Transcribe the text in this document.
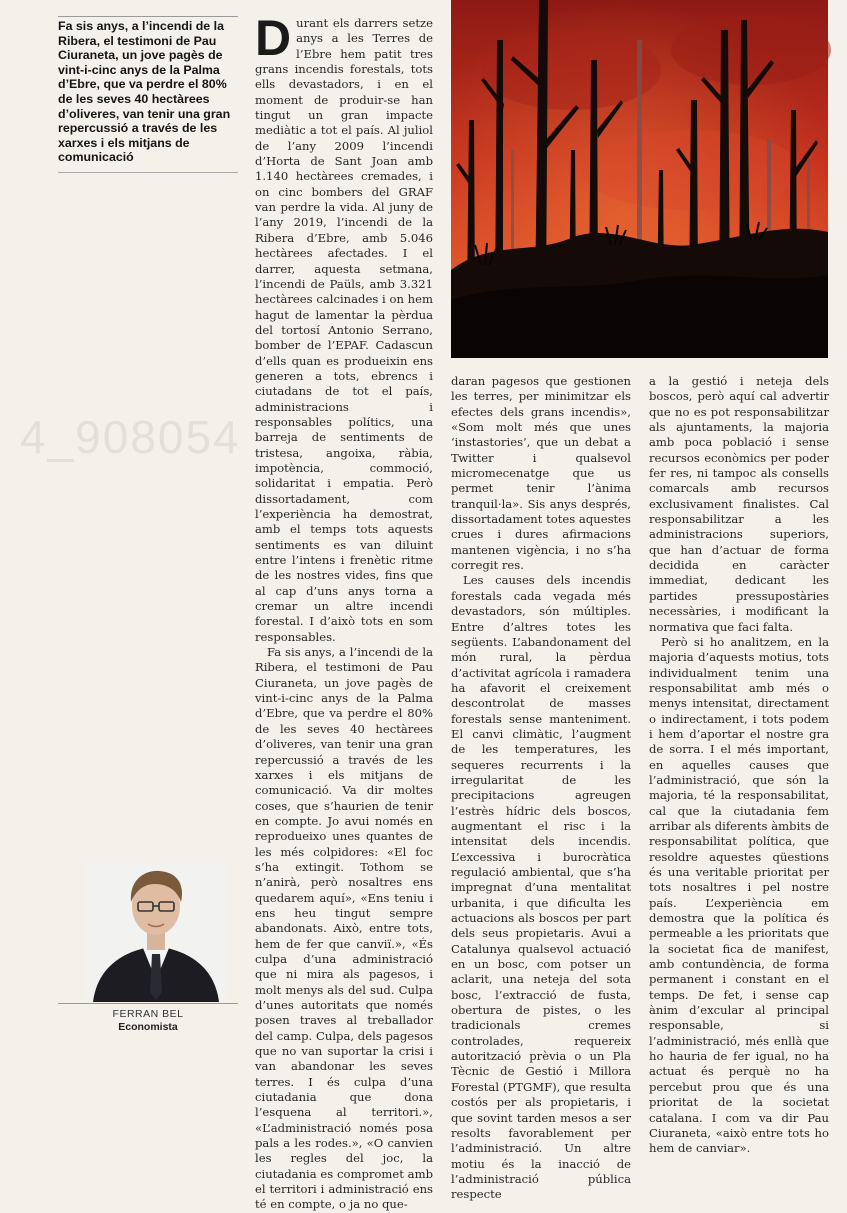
Fa sis anys, a l’incendi de la Ribera, el testimoni de Pau Ciuraneta, un jove pagès de vint-i-cinc anys de la Palma d’Ebre, que va perdre el 80% de les seves 40 hectàrees d’oliveres, van tenir una gran repercussió a través de les xarxes i els mitjans de comunicació
4_908054

Durant els darrers setze anys a les Terres de l’Ebre hem patit tres grans incendis forestals, tots ells devastadors, i en el moment de produir-se han tingut un gran impacte mediàtic a tot el país. Al juliol de l’any 2009 l’incendi d’Horta de Sant Joan amb 1.140 hectàrees cremades, i on cinc bombers del GRAF van perdre la vida. Al juny de l’any 2019, l’incendi de la Ribera d’Ebre, amb 5.046 hectàrees afectades. I el darrer, aquesta setmana, l’incendi de Paüls, amb 3.321 hectàrees calcinades i on hem hagut de lamentar la pèrdua del tortosí Antonio Serrano, bomber de l’EPAF. Cadascun d’ells quan es produeixin ens generen a tots, ebrencs i ciutadans de tot el país, administracions i responsables polítics, una barreja de sentiments de tristesa, angoixa, ràbia, impotència, commoció, solidaritat i empatia. Però dissortadament, com l’experiència ha demostrat, amb el temps tots aquests sentiments es van diluint entre l’intens i frenètic ritme de les nostres vides, fins que al cap d’uns anys torna a cremar un altre incendi forestal. I d’això tots en som responsables.

Fa sis anys, a l’incendi de la Ribera, el testimoni de Pau Ciuraneta, un jove pagès de vint-i-cinc anys de la Palma d’Ebre, que va perdre el 80% de les seves 40 hectàrees d’oliveres, van tenir una gran repercussió a través de les xarxes i els mitjans de comunicació. Va dir moltes coses, que s’haurien de tenir en compte. Jo avui només en reprodueixo unes quantes de les més colpidores: «El foc s’ha extingit. Tothom se n’anirà, però nosaltres ens quedarem aquí», «Ens teniu i ens heu tingut sempre abandonats. Això, entre tots, hem de fer que canviï.», «És culpa d’una administració que ni mira als pagesos, i molt menys als del sud. Culpa d’unes autoritats que només posen traves al treballador del camp. Culpa, dels pagesos que no van suportar la crisi i van abandonar les seves terres. I és culpa d’una ciutadania que dona l’esquena al territori.», «L’administració només posa pals a les rodes.», «O canvien les regles del joc, la ciutadania es compromet amb el territori i administració ens té en compte, o ja no que-

daran pagesos que gestionen les terres, per minimitzar els efectes dels grans incendis», «Som molt més que unes ‘instastories’, que un debat a Twitter i qualsevol micromecenatge que us permet tenir l’ànima tranquil·la». Sis anys després, dissortadament totes aquestes crues i dures afirmacions mantenen vigència, i no s’ha corregit res.

Les causes dels incendis forestals cada vegada més devastadors, són múltiples. Entre d’altres totes les següents. L’abandonament del món rural, la pèrdua d’activitat agrícola i ramadera ha afavorit el creixement descontrolat de masses forestals sense manteniment. El canvi climàtic, l’augment de les temperatures, les sequeres recurrents i la irregularitat de les precipitacions agreugen l’estrès hídric dels boscos, augmentant el risc i la intensitat dels incendis. L’excessiva i burocràtica regulació ambiental, que s’ha impregnat d’una mentalitat urbanita, i que dificulta les actuacions als boscos per part dels seus propietaris. Avui a Catalunya qualsevol actuació en un bosc, com potser un aclarit, una neteja del sota bosc, l’extracció de fusta, obertura de pistes, o les tradicionals cremes controlades, requereix autorització prèvia o un Pla Tècnic de Gestió i Millora Forestal (PTGMF), que resulta costós per als propietaris, i que sovint tarden mesos a ser resolts favorablement per l’administració. Un altre motiu és la inacció de l’administració pública respecte

a la gestió i neteja dels boscos, però aquí cal advertir que no es pot responsabilitzar als ajuntaments, la majoria amb poca població i sense recursos econòmics per poder fer res, ni tampoc als consells comarcals amb recursos exclusivament finalistes. Cal responsabilitzar a les administracions superiors, que han d’actuar de forma decidida en caràcter immediat, dedicant les partides pressupostàries necessàries, i modificant la normativa que faci falta.

Però si ho analitzem, en la majoria d’aquests motius, tots individualment tenim una responsabilitat amb més o menys intensitat, directament o indirectament, i tots podem i hem d’aportar el nostre gra de sorra. I el més important, en aquelles causes que l’administració, que són la majoria, té la responsabilitat, cal que la ciutadania fem arribar als diferents àmbits de responsabilitat política, que resoldre aquestes qüestions és una veritable prioritat per tots nosaltres i pel nostre país. L’experiència em demostra que la política és permeable a les prioritats que la societat fica de manifest, amb contundència, de forma permanent i constant en el temps. De fet, i sense cap ànim d’excular al principal responsable, si l’administració, més enllà que ho hauria de fer igual, no ha actuat és perquè no ha percebut prou que és una prioritat de la societat catalana. I com va dir Pau Ciuraneta, «això entre tots ho hem de canviar».

FERRAN BEL
Economista
